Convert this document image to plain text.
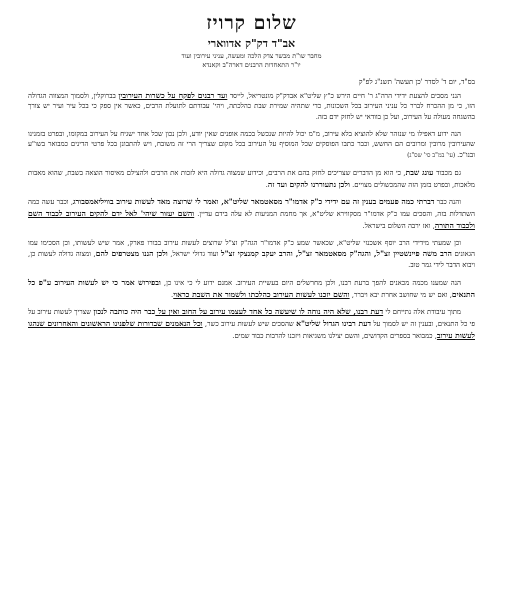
שלום קרויז
אב"ד דק"ק אדווארי
מחבר שו"ת מבשר צדק הלכה ומעשה, עניני עירובין ועוד
יו"ר התאחדות הרבנים דארה"ב וקאנדא
בס"ד, יום ד' לסדר 'כן תעשה' תשנ"ג לפ"ק

הנני מסכים להצעת ידידי הרה"ג ר' חיים הירש כ"ץ שליט"א אבדק"ק מונטריאל, לייסד ועד רבנים לפקח על כשרות העירובין בברוקלין, ולסמוך המצווה הגדולה הזו, כי מן ההכרח לברר כל עניני העירוב בכל השכונות, כדי שתהיה שמירת שבת כהלכתה, ויהי' עבודתם לתועלת הרבים, כאשר אין ספק כי בכל עיר ועיר יש צורך בהשגחה מעולה על העירוב, ועל כן בוודאי יש לחזק ידם בזה.

הנה ידוע דאפילו מי שנזהר שלא להוציא בלא עירוב, מ"מ יכול להיות שנכשל בכמה אופנים שאין יודע, ולכן נכון שכל אחד ישגיח על העירוב במקומו, ובפרט בזמנינו שהעירובין מרובין ומרובים הם החשש, וכבר כתבו הפוסקים שכל המוסיף על העירוב בכל מקום שצריך הרי זה משובח, ויש להתבונן בכל פרטי הדינים כמבואר בשו"ע ובנו"כ. (עי' במ"ב סי' שס"ג)

גם מכבוד עונג שבת, כי הוא מן הדברים שצריכים לחזק בהם את הרבים, וכידוע שמצוה גדולה היא לזכות את הרבים ולהצילם מאיסור הוצאה בשבת, שהוא מאבות מלאכות, ובפרט בזמן הזה שהמכשולים מצויים. ולכן נתעוררנו להקים ועד זה.

והנה כבר דברתי כמה פעמים בענין זה עם ידידי כ"ק אדמו"ר מסאטמאר שליט"א, ואמר לי שרוצה מאד לעשות עירוב בוויליאמסבורג, וכבר עשה כמה השתדלות בזה, והסכים עמו כ"ק אדמו"ר מסקווירא שליט"א, אך מחמת המניעות לא עלה בידם עדיין. והשם יעזור שיהי' לאל ידם להקים העירוב לכבוד השם ולכבוד התורה, ואז ירבה השלום בישראל.

וכן שמעתי מידידי הרב יוסף אשכנזי שליט"א, שכאשר שמע כ"ק אדמו"ר הגה"ק זצ"ל שרוצים לעשות עירוב בבורו פארק, אמר שיש לעשותו, וכן הסכימו עמו הגאונים הרב משה פיינשטיין זצ"ל, והגה"ק מסאטמאר זצ"ל, והרב יעקב קמנצקי זצ"ל ועוד גדולי ישראל, ולכן הננו מצטרפים להם, ומצוה גדולה לעשות כן, ויבוא הדבר לידי גמר טוב.

הנה שמענו מכמה מכאנים להפך ברעת רבנו, ולכן מחרשלים היום בעשיית העירוב. אמנם ידוע לי כי אינו כן, ובפירוש אמר כי יש לעשות העירוב ע"פ כל התנאים, ואם יש מי שחושב אחרת יבא ויברר, והשם יזכנו לעשות העירוב כהלכתו ולשמור את השבת כראוי.

מתוך עיבודת אלה נתייחם לי דעת רבנו, שלא היה נוחה לו שיעשה כל אחד לעצמו עירוב על החוב ואין על כבר היה כותבה לנכון שצריך לעשות עירוב על פי כל התנאים, ובענין זה יש לסמוך על דעת רבינו הגדול שליט"א שהסכים שיש לעשות עירוב כשר, וכל הנאמנים שבדורות שלפנינו הראשונים והאחרונים שנהגו לעשות עירוב, כמבואר בספרים הקדושים, והשם יצילנו משגיאות ויזכנו להרבות כבוד שמים.
